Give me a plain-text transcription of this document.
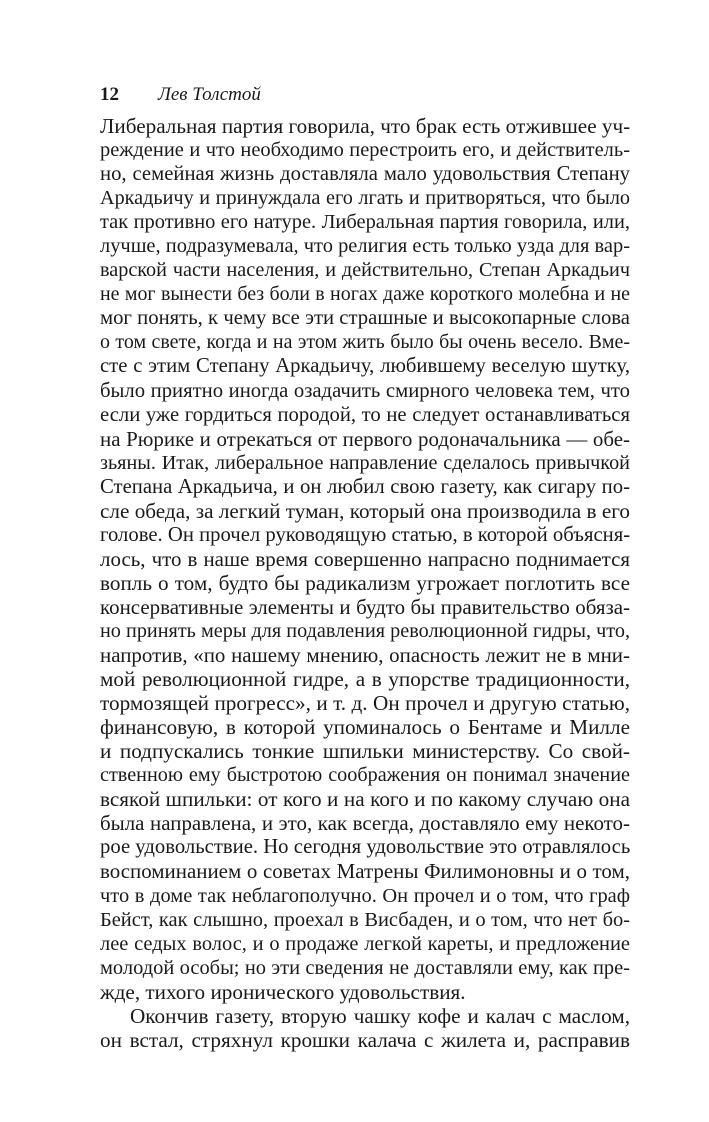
12	Лев Толстой
Либеральная партия говорила, что брак есть отжившее уч-
реждение и что необходимо перестроить его, и действитель-
но, семейная жизнь доставляла мало удовольствия Степану
Аркадьичу и принуждала его лгать и притворяться, что было
так противно его натуре. Либеральная партия говорила, или,
лучше, подразумевала, что религия есть только узда для вар-
варской части населения, и действительно, Степан Аркадьич
не мог вынести без боли в ногах даже короткого молебна и не
мог понять, к чему все эти страшные и высокопарные слова
о том свете, когда и на этом жить было бы очень весело. Вме-
сте с этим Степану Аркадьичу, любившему веселую шутку,
было приятно иногда озадачить смирного человека тем, что
если уже гордиться породой, то не следует останавливаться
на Рюрике и отрекаться от первого родоначальника — обе-
зьяны. Итак, либеральное направление сделалось привычкой
Степана Аркадьича, и он любил свою газету, как сигару по-
сле обеда, за легкий туман, который она производила в его
голове. Он прочел руководящую статью, в которой объясня-
лось, что в наше время совершенно напрасно поднимается
вопль о том, будто бы радикализм угрожает поглотить все
консервативные элементы и будто бы правительство обяза-
но принять меры для подавления революционной гидры, что,
напротив, «по нашему мнению, опасность лежит не в мни-
мой революционной гидре, а в упорстве традиционности,
тормозящей прогресс», и т. д. Он прочел и другую статью,
финансовую, в которой упоминалось о Бентаме и Милле
и подпускались тонкие шпильки министерству. Со свой-
ственною ему быстротою соображения он понимал значение
всякой шпильки: от кого и на кого и по какому случаю она
была направлена, и это, как всегда, доставляло ему некото-
рое удовольствие. Но сегодня удовольствие это отравлялось
воспоминанием о советах Матрены Филимоновны и о том,
что в доме так неблагополучно. Он прочел и о том, что граф
Бейст, как слышно, проехал в Висбаден, и о том, что нет бо-
лее седых волос, и о продаже легкой кареты, и предложение
молодой особы; но эти сведения не доставляли ему, как пре-
жде, тихого иронического удовольствия.
Окончив газету, вторую чашку кофе и калач с маслом,
он встал, стряхнул крошки калача с жилета и, расправив
